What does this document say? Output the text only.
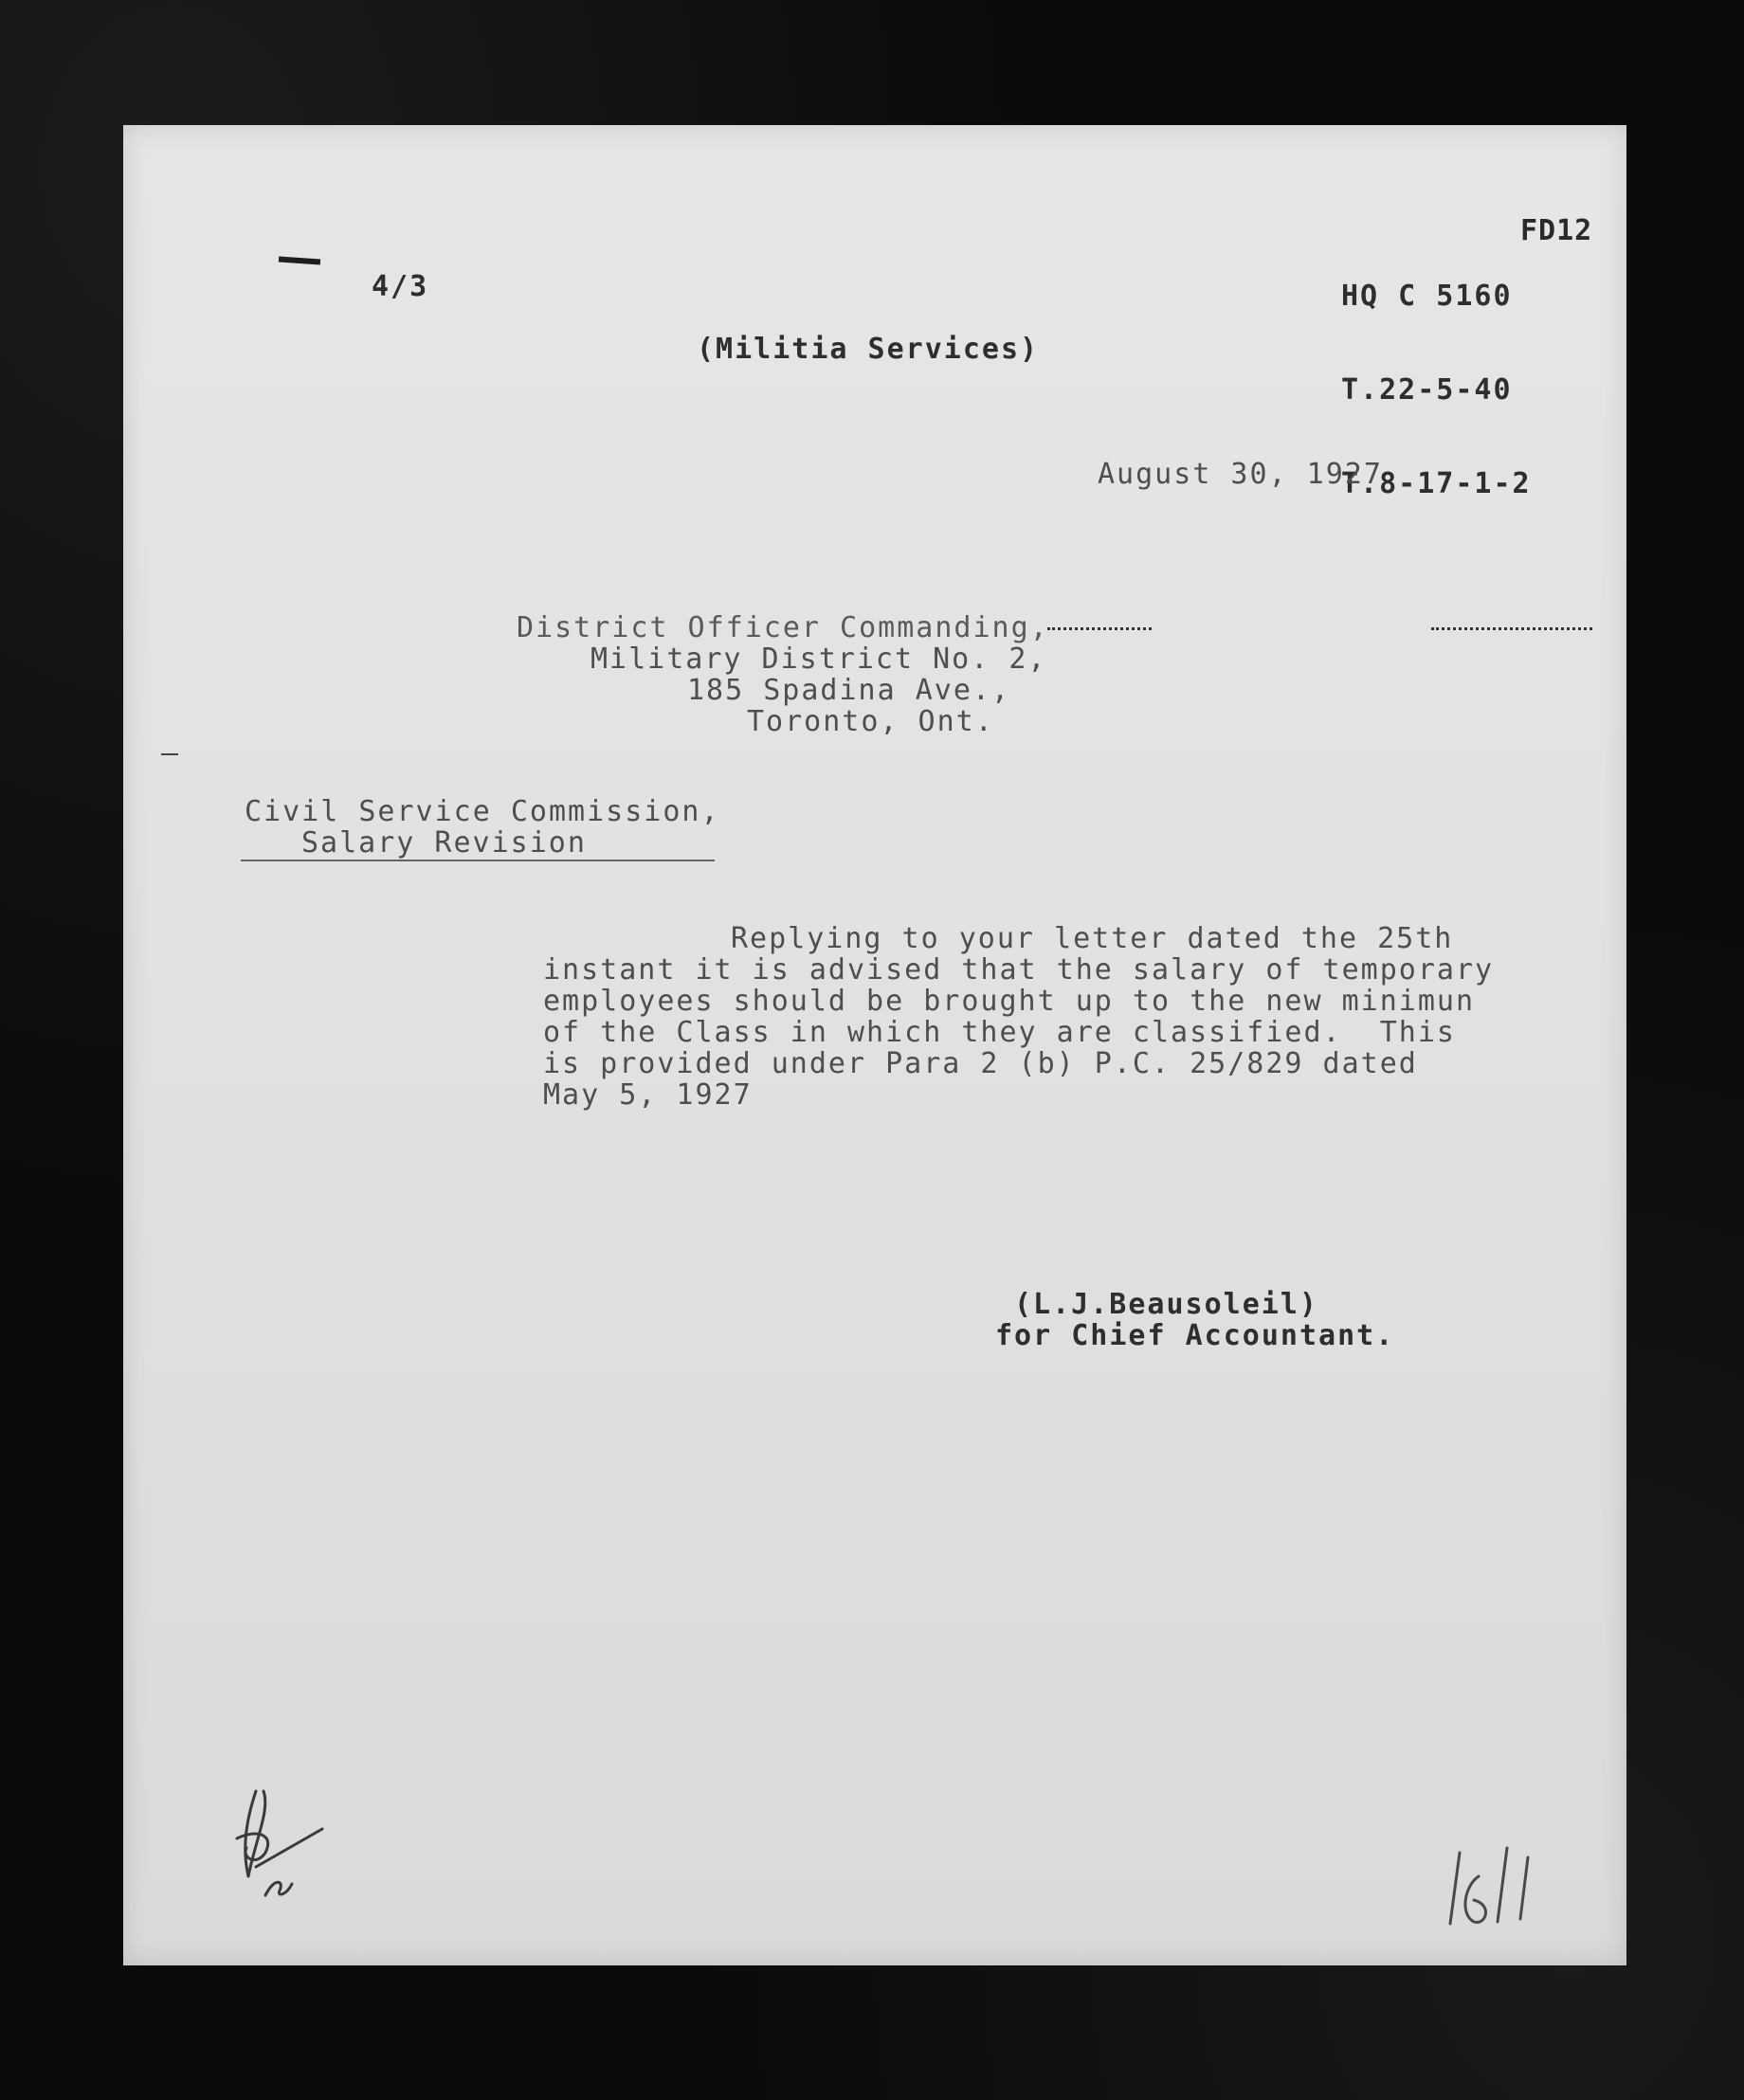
4/3

	HQ C 5160

T.22-5-40

T.8-17-1-2

FD12
(Militia Services)
August 30, 1927
District Officer Commanding,
Military District No. 2,
185 Spadina Ave.,
Toronto, Ont.
Civil Service Commission,
Salary Revision
Replying to your letter dated the 25th
instant it is advised that the salary of temporary
employees should be brought up to the new minimun
of the Class in which they are classified.  This
is provided under Para 2 (b) P.C. 25/829 dated
May 5, 1927
(L.J.Beausoleil)
for Chief Accountant.
